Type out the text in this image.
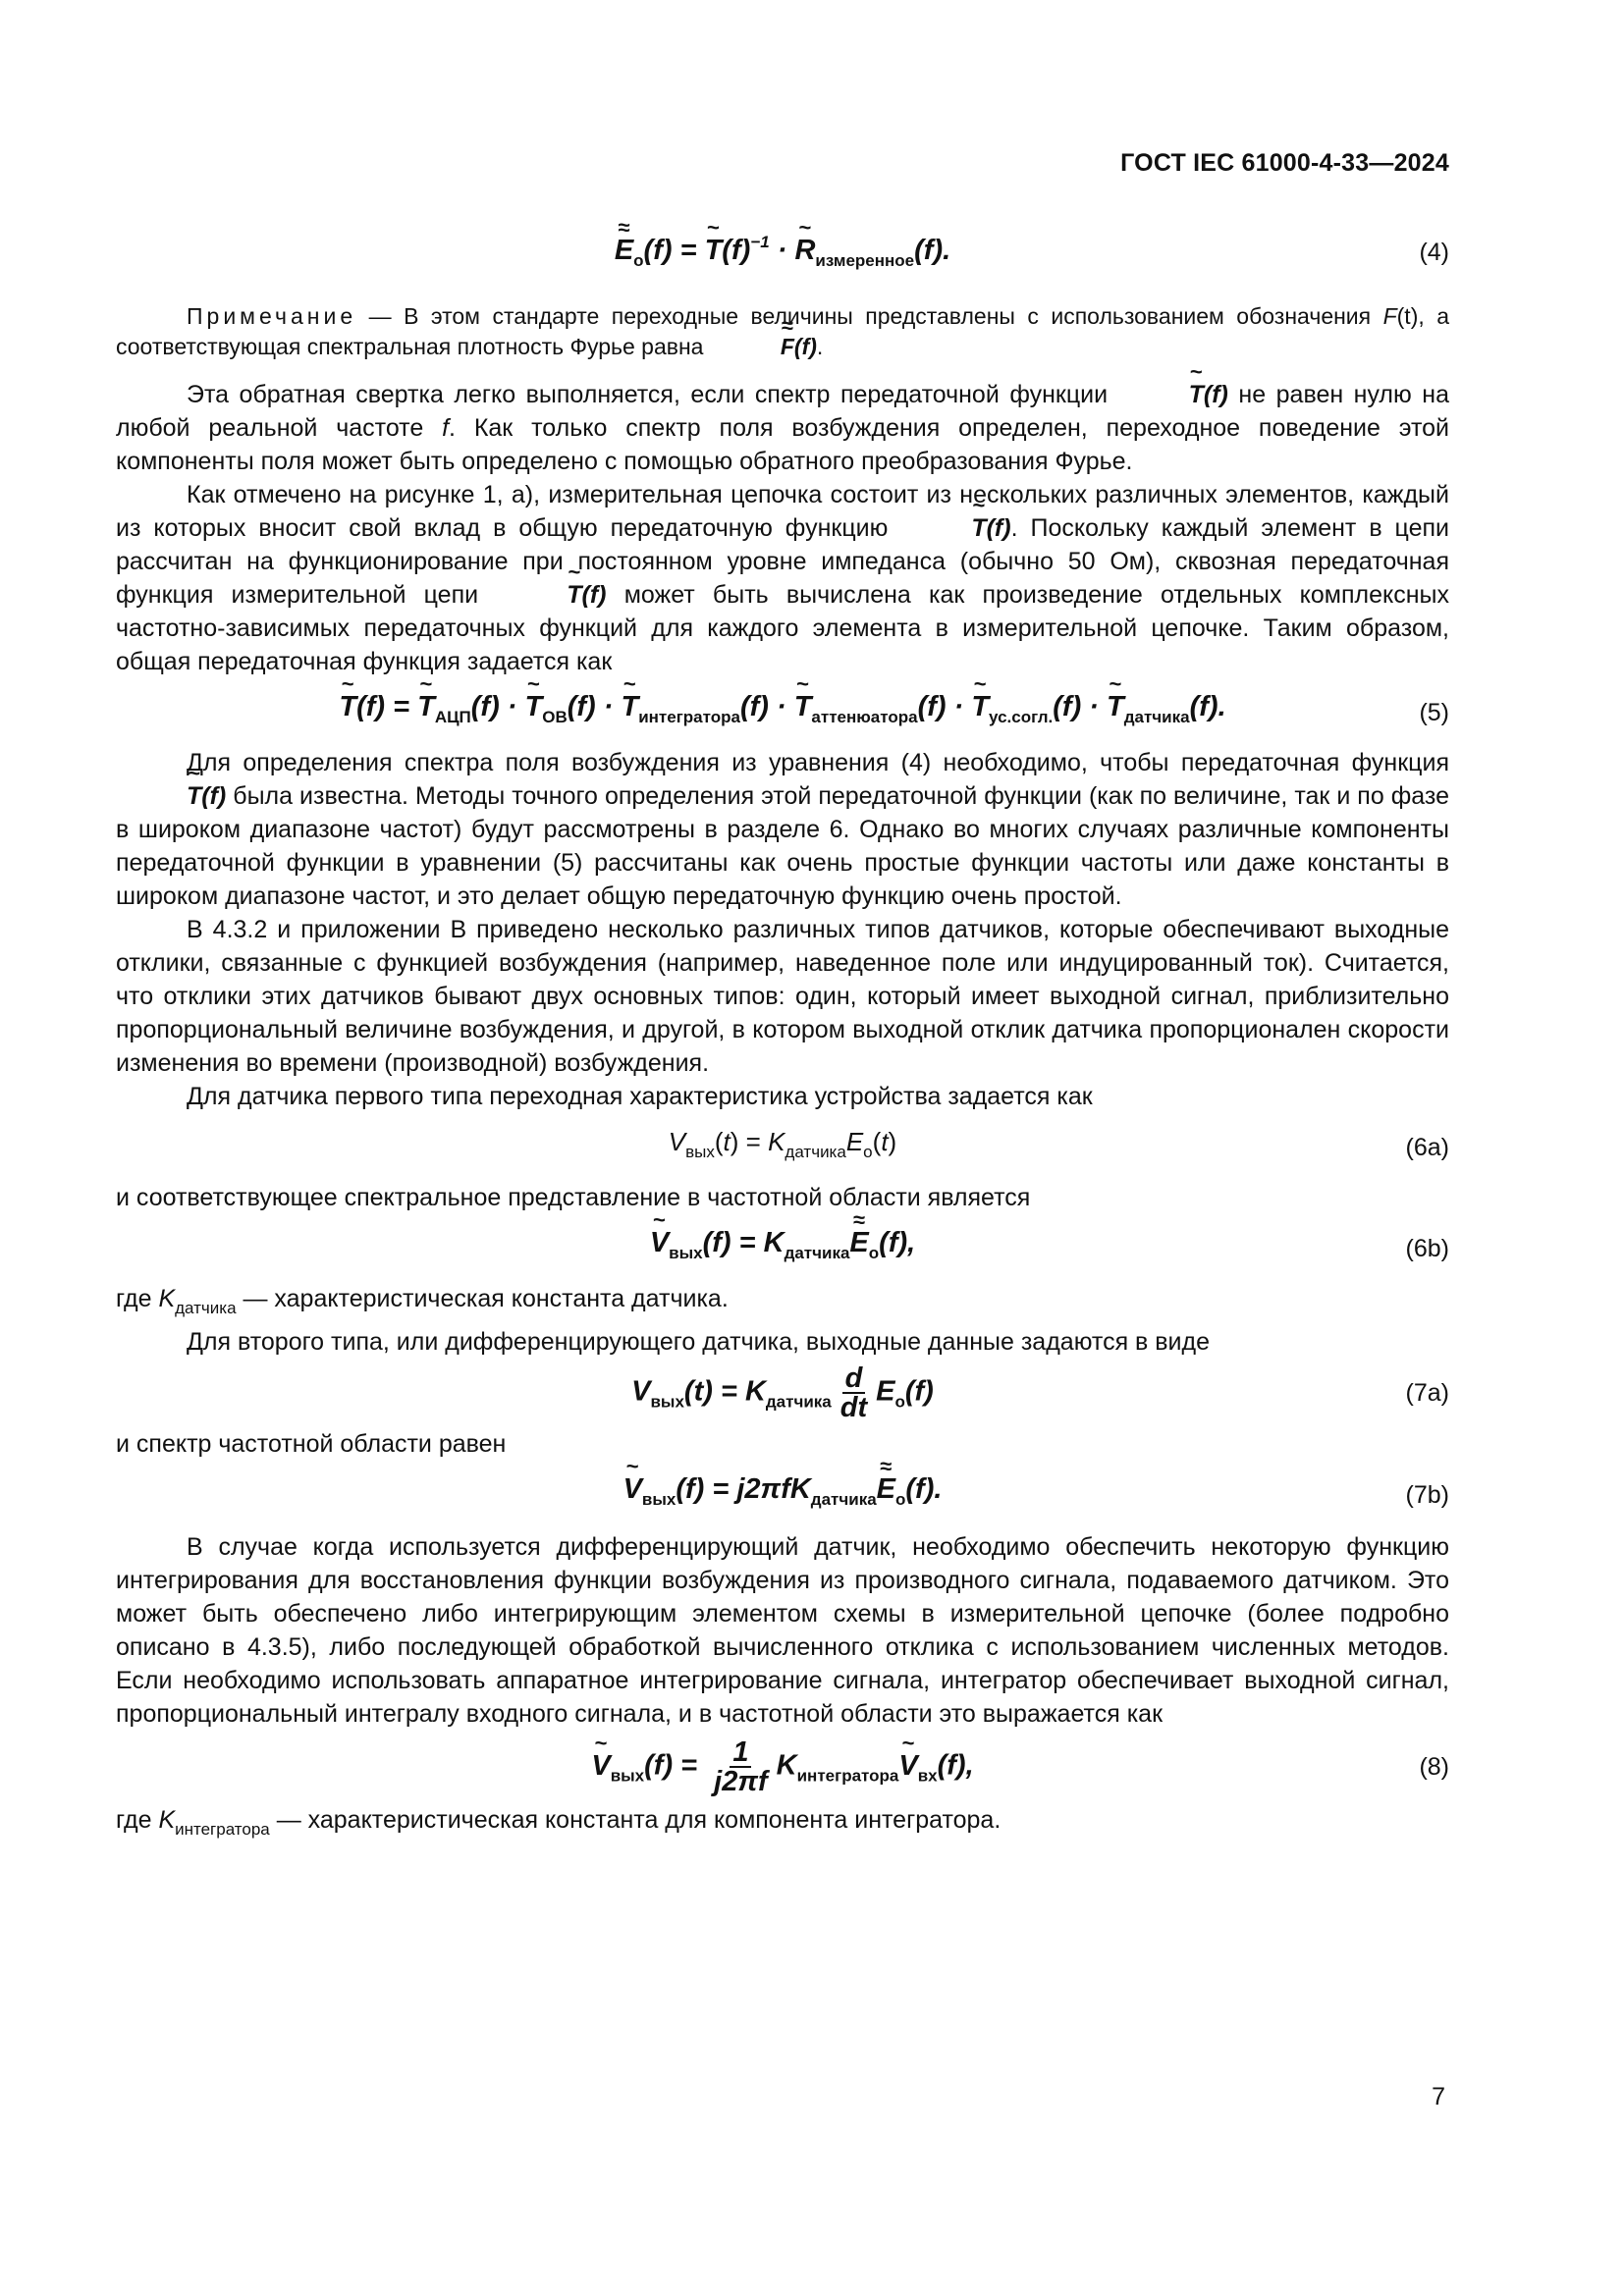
ГОСТ IEC 61000-4-33—2024
≈ $E_o(f)$ = ~ $T(f)^{-1}$ · ~ $R_{измеренное}(f)$.	(4)

Примечание — В этом стандарте переходные величины представлены с использованием обозначения F(t), а соответствующая спектральная плотность Фурье равна	≈ F(f).

Эта обратная свертка легко выполняется, если спектр передаточной функции	~ T(f) не равен нулю на любой реальной частоте f. Как только спектр поля возбуждения определен, переходное поведение этой компоненты поля может быть определено с помощью обратного преобразования Фурье.

Как отмечено на рисунке 1, а), измерительная цепочка состоит из нескольких различных элементов, каждый из которых вносит свой вклад в общую передаточную функцию	~ T(f). Поскольку каждый элемент в цепи рассчитан на функционирование при постоянном уровне импеданса (обычно 50 Ом), сквозная передаточная функция измерительной цепи	~ T(f) может быть вычислена как произведение отдельных комплексных частотно-зависимых передаточных функций для каждого элемента в измерительной цепочке. Таким образом, общая передаточная функция задается как

~ T(f) = ~ $T_{АЦП}(f)$ · ~ $T_{ОВ}(f)$ · ~ $T_{интегратора}(f)$ · ~ $T_{аттенюатора}(f)$ · ~ $T_{ус.согл.}(f)$ · ~ $T_{датчика}(f)$.	(5)

Для определения спектра поля возбуждения из уравнения (4) необходимо, чтобы передаточная функция ~ T(f) была известна. Методы точного определения этой передаточной функции (как по величине, так и по фазе в широком диапазоне частот) будут рассмотрены в разделе 6. Однако во многих случаях различные компоненты передаточной функции в уравнении (5) рассчитаны как очень простые функции частоты или даже константы в широком диапазоне частот, и это делает общую передаточную функцию очень простой.

В 4.3.2 и приложении В приведено несколько различных типов датчиков, которые обеспечивают выходные отклики, связанные с функцией возбуждения (например, наведенное поле или индуцированный ток). Считается, что отклики этих датчиков бывают двух основных типов: один, который имеет выходной сигнал, приблизительно пропорциональный величине возбуждения, и другой, в котором выходной отклик датчика пропорционален скорости изменения во времени (производной) возбуждения.

Для датчика первого типа переходная характеристика устройства задается как

$V_{вых}(t) = K_{датчика}E_o(t)$	(6a)

и соответствующее спектральное представление в частотной области является

~ $V_{вых}(f) = K_{датчика}\approx E_o(f)$,	(6b)

где $K_{датчика}$ — характеристическая константа датчика.

Для второго типа, или дифференцирующего датчика, выходные данные задаются в виде

$V_{вых}(t) = K_{датчика} \frac{d}{dt} E_o(f)$	(7a)

и спектр частотной области равен

~ $V_{вых}(f) = j2\pi fK_{датчика}\approx E_o(f)$.	(7b)

В случае когда используется дифференцирующий датчик, необходимо обеспечить некоторую функцию интегрирования для восстановления функции возбуждения из производного сигнала, подаваемого датчиком. Это может быть обеспечено либо интегрирующим элементом схемы в измерительной цепочке (более подробно описано в 4.3.5), либо последующей обработкой вычисленного отклика с использованием численных методов. Если необходимо использовать аппаратное интегрирование сигнала, интегратор обеспечивает выходной сигнал, пропорциональный интегралу входного сигнала, и в частотной области это выражается как

~ $V_{вых}(f) = \frac{1}{j2\pi f}$ $K_{интегратора}\sim$ $V_{вх}(f)$,	(8)

где $K_{интегратора}$ — характеристическая константа для компонента интегратора.

7
